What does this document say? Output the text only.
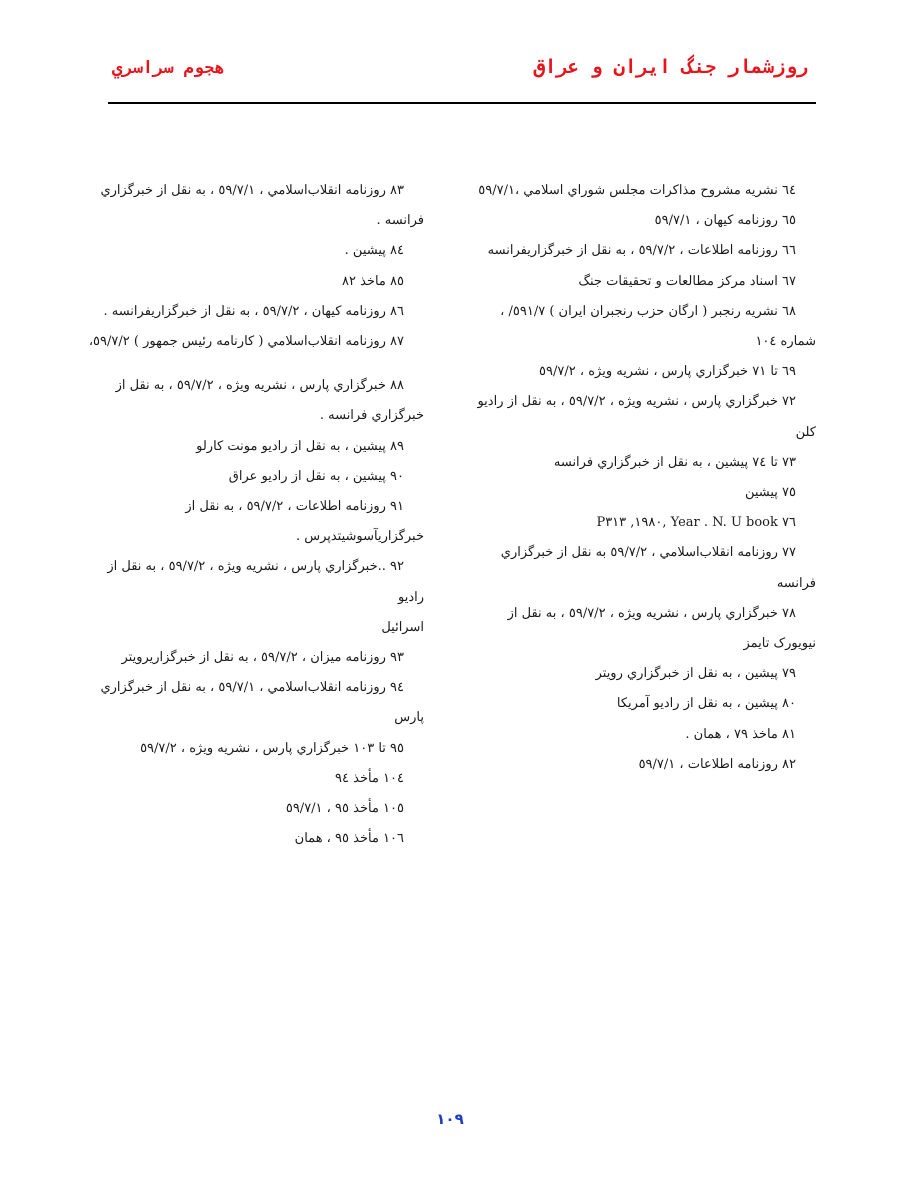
روزشمار جنگ ایران و عراق
هجوم سراسري

٦٤ نشريه مشروح مذاكرات مجلس شوراي اسلامي ،٥٩/٧/١

٦٥ روزنامه كيهان ، ٥٩/٧/١

٦٦ روزنامه اطلاعات ، ٥٩/٧/٢ ، به نقل از خبرگزاريفرانسه

٦٧ اسناد مركز مطالعات و تحقيقات جنگ

٦٨ نشريه رنجبر ( ارگان حزب رنجبران ايران ) ٥٩١/٧/ ،
شماره ١٠٤

٦٩ تا ٧١ خبرگزاري پارس ، نشريه ويژه ، ٥٩/٧/٢

٧٢ خبرگزاري پارس ، نشريه ويژه ، ٥٩/٧/٢ ، به نقل از راديو
كلن

٧٣ تا ٧٤ پيشين ، به نقل از خبرگزاري فرانسه

٧٥ پيشين

٧٦ Year . N. U book ,١٩٨٠, P٣١٣

٧٧ روزنامه انقلاب‌اسلامي ، ٥٩/٧/٢ به نقل از خبرگزاري
فرانسه

٧٨ خبرگزاري پارس ، نشريه ويژه ، ٥٩/٧/٢ ، به نقل از
نيويورک تايمز

٧٩ پيشين ، به نقل از خبرگزاري رويتر

٨٠ پيشين ، به نقل از راديو آمريكا

٨١ ماخذ ٧٩ ، همان .

٨٢ روزنامه اطلاعات ، ٥٩/٧/١

٨٣ روزنامه انقلاب‌اسلامي ، ٥٩/٧/١ ، به نقل از خبرگزاري
فرانسه .

٨٤ پيشين .

٨٥ ماخذ ٨٢

٨٦ روزنامه كيهان ، ٥٩/٧/٢ ، به نقل از خبرگزاريفرانسه .

٨٧ روزنامه انقلاب‌اسلامي ( كارنامه رئيس جمهور ) ٥٩/٧/٢،

٨٨ خبرگزاري پارس ، نشريه ويژه ، ٥٩/٧/٢ ، به نقل از
خبرگزاري فرانسه .

٨٩ پيشين ، به نقل از راديو مونت كارلو

٩٠ پيشين ، به نقل از راديو عراق

٩١ روزنامه اطلاعات ، ٥٩/٧/٢ ، به نقل از
خبرگزاريآسوشيتدپرس .

٩٢ ..خبرگزاري پارس ، نشريه ويژه ، ٥٩/٧/٢ ، به نقل از راديو
اسرائيل

٩٣ روزنامه ميزان ، ٥٩/٧/٢ ، به نقل از خبرگزاريرويتر

٩٤ روزنامه انقلاب‌اسلامي ، ٥٩/٧/١ ، به نقل از خبرگزاري
پارس

٩٥ تا ١٠٣ خبرگزاري پارس ، نشريه ويژه ، ٥٩/٧/٢

١٠٤ مأخذ ٩٤

١٠٥ مأخذ ٩٥ ، ٥٩/٧/١

١٠٦ مأخذ ٩٥ ، همان

١٠٩
